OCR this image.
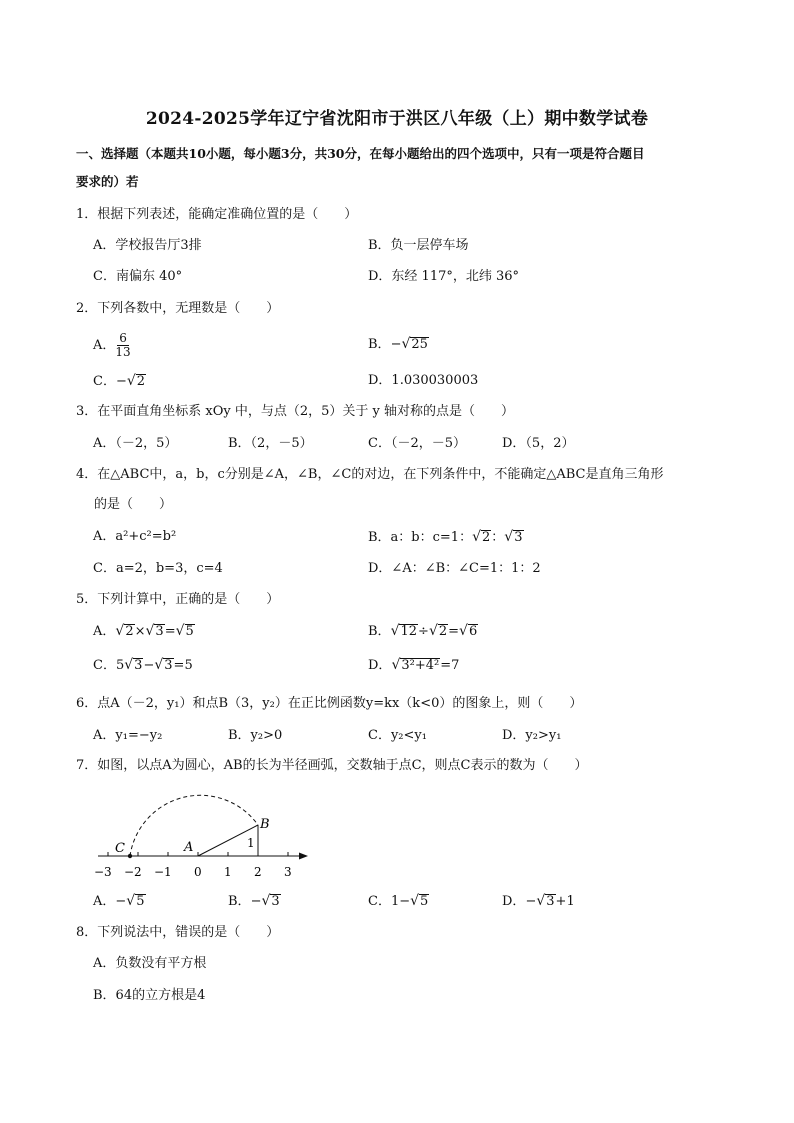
2024-2025学年辽宁省沈阳市于洪区八年级（上）期中数学试卷
一、选择题（本题共10小题，每小题3分，共30分，在每小题给出的四个选项中，只有一项是符合题目
要求的）若
1．根据下列表述，能确定准确位置的是（　　）
A．学校报告厅3排	B．负一层停车场
C．南偏东 40°	D．东经 117°，北纬 36°
2．下列各数中，无理数是（　　）
A． $\frac{6}{13}$	B．−√25
C．−√2	D．1.030030003
3．在平面直角坐标系 xOy 中，与点（2，5）关于 y 轴对称的点是（　　）
A．（－2，5）	B．（2，－5）	C．（－2，－5）	D．（5，2）
4．在△ABC中，a，b，c分别是∠A，∠B，∠C的对边，在下列条件中，不能确定△ABC是直角三角形
的是（　　）
A．a²+c²=b²	B．a：b：c=1：√2：√3
C．a=2，b=3，c=4	D．∠A：∠B：∠C=1：1：2
5．下列计算中，正确的是（　　）
A．√2×√3=√5	B．√12÷√2=√6
C．5√3−√3=5	D．√3²+4²=7
6．点A（－2，y₁）和点B（3，y₂）在正比例函数y=kx（k<0）的图象上，则（　　）
A．y₁=−y₂	B．y₂>0	C．y₂<y₁	D．y₂>y₁
7．如图，以点A为圆心，AB的长为半径画弧，交数轴于点C，则点C表示的数为（　　）
C	A
B
1
−3 −2 −1 0 1 2 3
A．−√5	B．−√3	C．1−√5	D．−√3+1
8．下列说法中，错误的是（　　）
A．负数没有平方根
B．64的立方根是4
